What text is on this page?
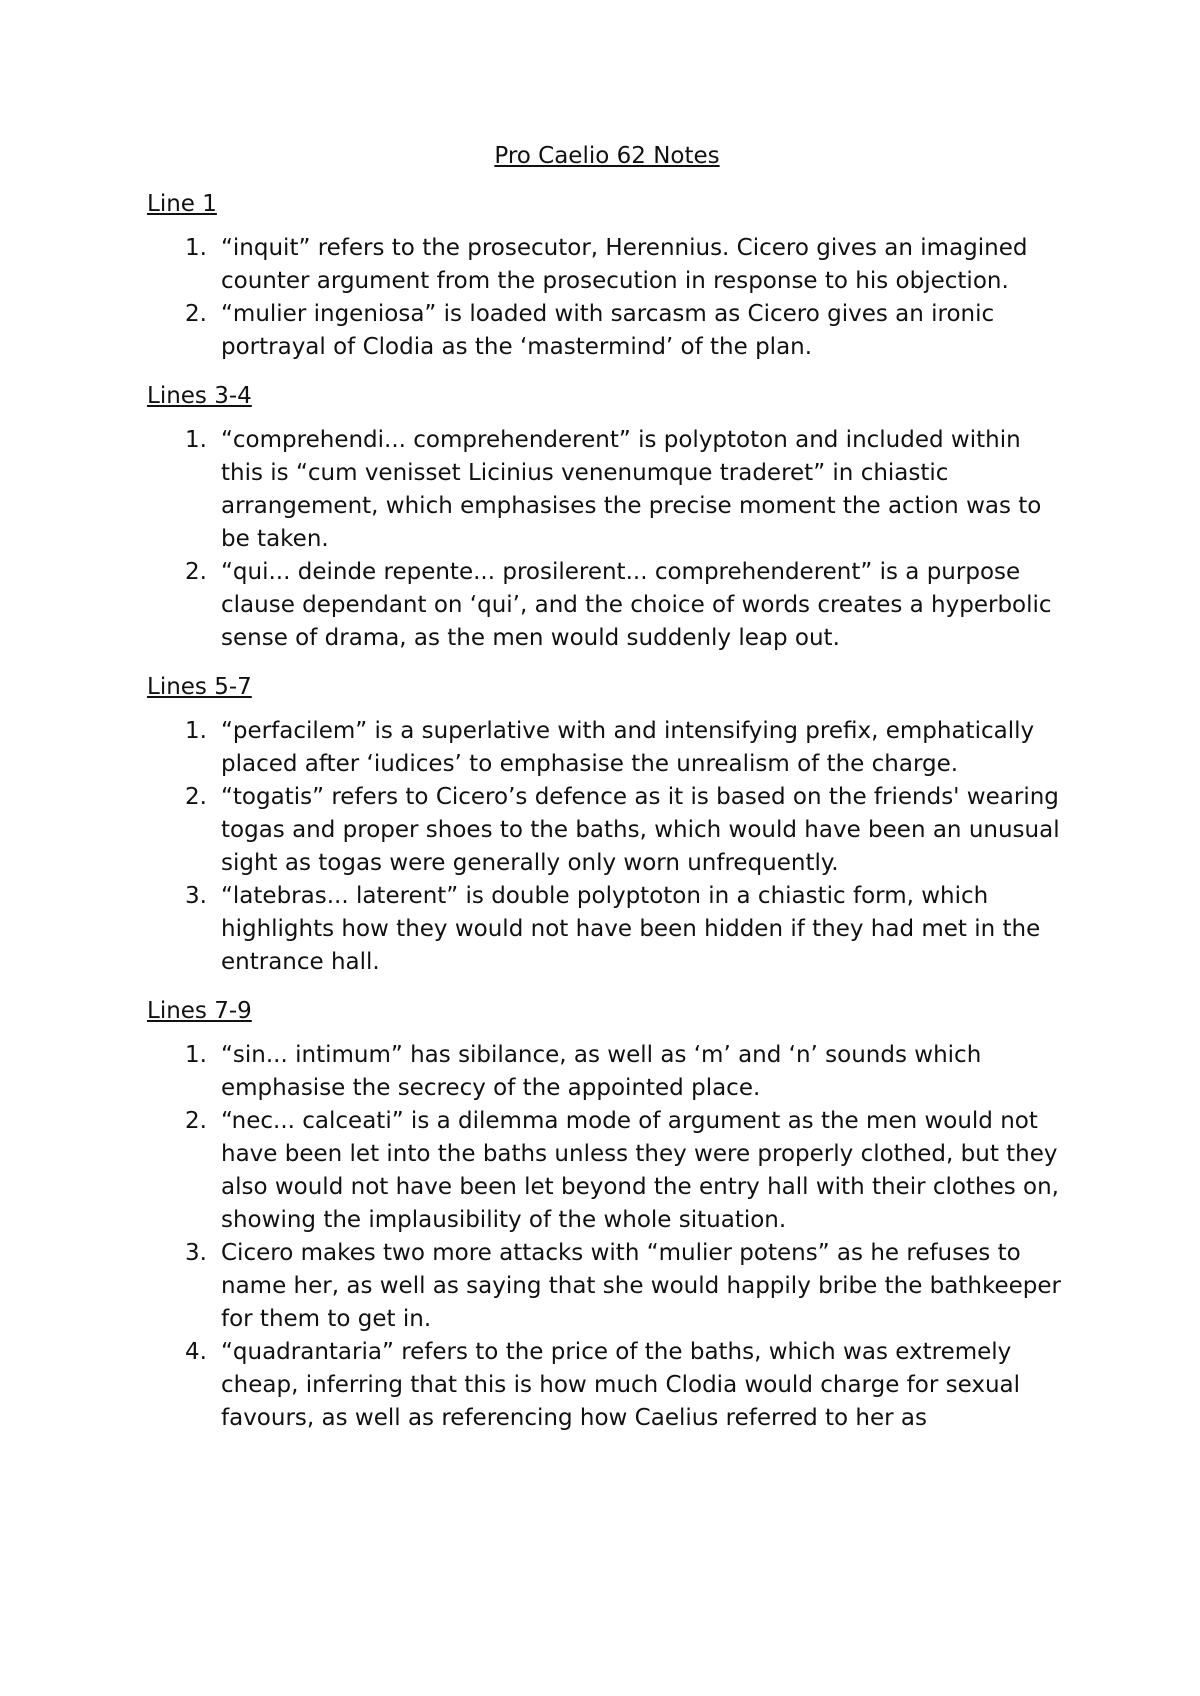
Pro Caelio 62 Notes
Line 1
1. “inquit” refers to the prosecutor, Herennius. Cicero gives an imagined counter argument from the prosecution in response to his objection.
2. “mulier ingeniosa” is loaded with sarcasm as Cicero gives an ironic portrayal of Clodia as the ‘mastermind’ of the plan.
Lines 3-4
1. “comprehendi... comprehenderent” is polyptoton and included within this is “cum venisset Licinius venenumque traderet” in chiastic arrangement, which emphasises the precise moment the action was to be taken.
2. “qui... deinde repente... prosilerent... comprehenderent” is a purpose clause dependant on ‘qui’, and the choice of words creates a hyperbolic sense of drama, as the men would suddenly leap out.
Lines 5-7
1. “perfacilem” is a superlative with and intensifying prefix, emphatically placed after ‘iudices’ to emphasise the unrealism of the charge.
2. “togatis” refers to Cicero’s defence as it is based on the friends' wearing togas and proper shoes to the baths, which would have been an unusual sight as togas were generally only worn unfrequently.
3. “latebras... laterent” is double polyptoton in a chiastic form, which highlights how they would not have been hidden if they had met in the entrance hall.
Lines 7-9
1. “sin... intimum” has sibilance, as well as ‘m’ and ‘n’ sounds which emphasise the secrecy of the appointed place.
2. “nec... calceati” is a dilemma mode of argument as the men would not have been let into the baths unless they were properly clothed, but they also would not have been let beyond the entry hall with their clothes on, showing the implausibility of the whole situation.
3. Cicero makes two more attacks with “mulier potens” as he refuses to name her, as well as saying that she would happily bribe the bathkeeper for them to get in.
4. “quadrantaria” refers to the price of the baths, which was extremely cheap, inferring that this is how much Clodia would charge for sexual favours, as well as referencing how Caelius referred to her as
